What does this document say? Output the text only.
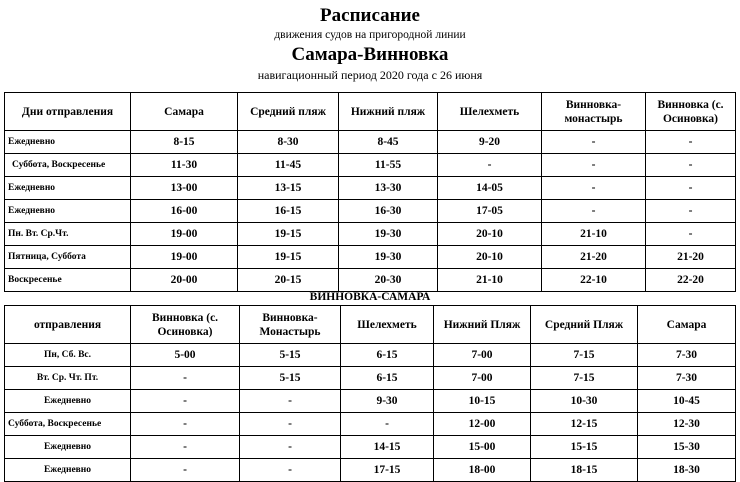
Расписание
движения судов на пригородной линии
Самара-Винновка
навигационный период 2020 года с 26 июня
Дни отправления	Самара	Средний пляж	Нижний пляж	Шелехметь	Винновка-монастырь	Винновка (с. Осиновка)
Ежедневно	8-15	8-30	8-45	9-20	-	-
Суббота, Воскресенье	11-30	11-45	11-55	-	-	-
Ежедневно	13-00	13-15	13-30	14-05	-	-
Ежедневно	16-00	16-15	16-30	17-05	-	-
Пн. Вт. Ср.Чт.	19-00	19-15	19-30	20-10	21-10	-
Пятница, Суббота	19-00	19-15	19-30	20-10	21-20	21-20
Воскресенье	20-00	20-15	20-30	21-10	22-10	22-20
ВИННОВКА-САМАРА
отправления	Винновка (с. Осиновка)	Винновка-Монастырь	Шелехметь	Нижний Пляж	Средний Пляж	Самара
Пн, Сб. Вс.	5-00	5-15	6-15	7-00	7-15	7-30
Вт. Ср. Чт. Пт.	-	5-15	6-15	7-00	7-15	7-30
Ежедневно	-	-	9-30	10-15	10-30	10-45
Суббота, Воскресенье	-	-	-	12-00	12-15	12-30
Ежедневно	-	-	14-15	15-00	15-15	15-30
Ежедневно	-	-	17-15	18-00	18-15	18-30
